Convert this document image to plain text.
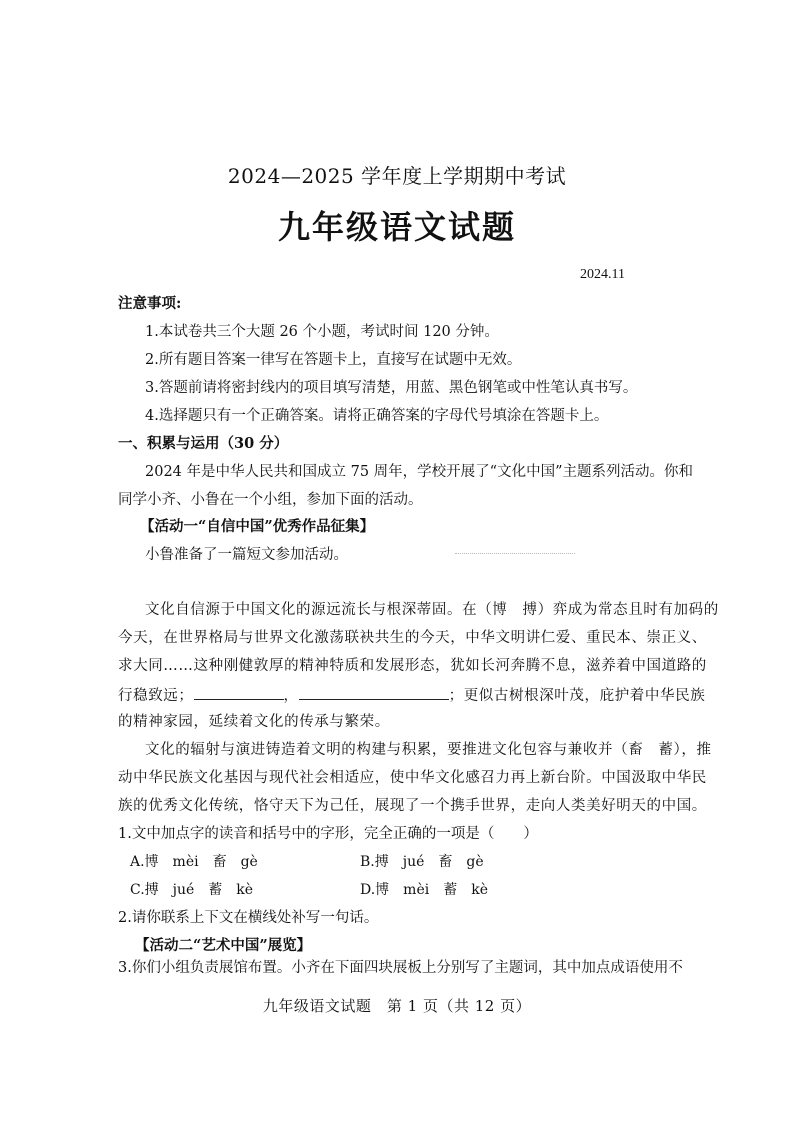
2024—2025 学年度上学期期中考试
九年级语文试题
2024.11
注意事项:
1.本试卷共三个大题 26 个小题，考试时间 120 分钟。
2.所有题目答案一律写在答题卡上，直接写在试题中无效。
3.答题前请将密封线内的项目填写清楚，用蓝、黑色钢笔或中性笔认真书写。
4.选择题只有一个正确答案。请将正确答案的字母代号填涂在答题卡上。
一、积累与运用（30 分）
2024 年是中华人民共和国成立 75 周年，学校开展了“文化中国”主题系列活动。你和
同学小齐、小鲁在一个小组，参加下面的活动。
【活动一“自信中国”优秀作品征集】
小鲁准备了一篇短文参加活动。
文化自信源于中国文化的源远流长与根深蒂固。在（博　搏）弈成为常态且时有加码的
今天，在世界格局与世界文化激荡联袂共生的今天，中华文明讲仁爱、重民本、崇正义、
求大同……这种刚健敦厚的精神特质和发展形态，犹如长河奔腾不息，滋养着中国道路的
行稳致远；	，	；更似古树根深叶茂，庇护着中华民族
的精神家园，延续着文化的传承与繁荣。
文化的辐射与演进铸造着文明的构建与积累，要推进文化包容与兼收并（畜　蓄），推
动中华民族文化基因与现代社会相适应，使中华文化感召力再上新台阶。中国汲取中华民
族的优秀文化传统，恪守天下为己任，展现了一个携手世界，走向人类美好明天的中国。
1.文中加点字的读音和括号中的字形，完全正确的一项是（　　）
A.博　mèi　畜　gè	B.搏　jué　畜　gè
C.搏　jué　蓄　kè	D.博　mèi　蓄　kè
2.请你联系上下文在横线处补写一句话。
【活动二“艺术中国”展览】
3.你们小组负责展馆布置。小齐在下面四块展板上分别写了主题词，其中加点成语使用不
九年级语文试题　第 1 页（共 12 页）
